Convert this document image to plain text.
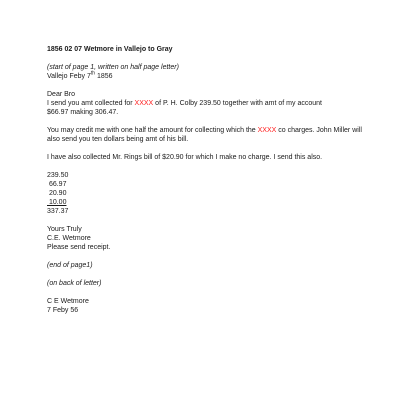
1856 02 07 Wetmore in Vallejo to Gray
(start of page 1, written on half page letter)
Vallejo Feby 7th 1856
Dear Bro
I send you amt collected for XXXX of P. H. Colby 239.50 together with amt of my account
$66.97 making 306.47.
You may credit me with one half the amount for collecting which the XXXX co charges. John Miller will also send you ten dollars being amt of his bill.
I have also collected Mr. Rings bill of $20.90 for which I make no charge. I send this also.
239.50
66.97
20.90
10.00
337.37
Yours Truly
C.E. Wetmore
Please send receipt.
(end of page1)
(on back of letter)
C E Wetmore
7 Feby 56
